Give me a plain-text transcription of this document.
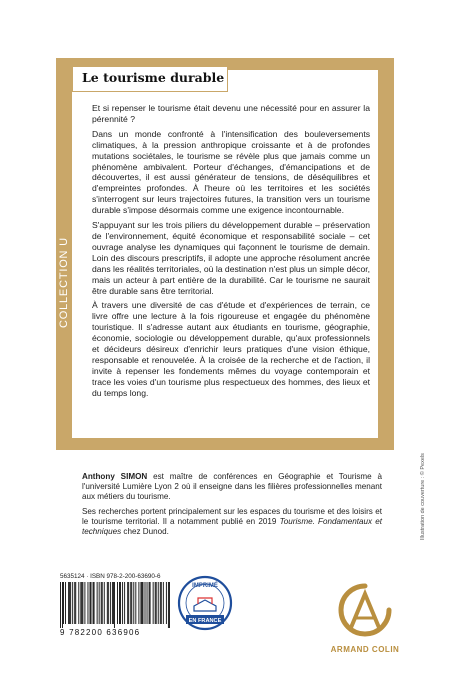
COLLECTION U
Le tourisme durable

Et si repenser le tourisme était devenu une nécessité pour en assurer la pérennité ?

Dans un monde confronté à l'intensification des bouleversements climatiques, à la pression anthropique croissante et à de profondes mutations sociétales, le tourisme se révèle plus que jamais comme un phénomène ambivalent. Porteur d'échanges, d'émancipations et de découvertes, il est aussi générateur de tensions, de déséquilibres et d'empreintes profondes. À l'heure où les territoires et les sociétés s'interrogent sur leurs trajectoires futures, la transition vers un tourisme durable s'impose désormais comme une exigence incontournable.

S'appuyant sur les trois piliers du développement durable – préservation de l'environnement, équité économique et responsabilité sociale – cet ouvrage analyse les dynamiques qui façonnent le tourisme de demain. Loin des discours prescriptifs, il adopte une approche résolument ancrée dans les réalités territoriales, où la destination n'est plus un simple décor, mais un acteur à part entière de la durabilité. Car le tourisme ne saurait être durable sans être territorial.

À travers une diversité de cas d'étude et d'expériences de terrain, ce livre offre une lecture à la fois rigoureuse et engagée du phénomène touristique. Il s'adresse autant aux étudiants en tourisme, géographie, économie, sociologie ou développement durable, qu'aux professionnels et décideurs désireux d'enrichir leurs pratiques d'une vision éthique, responsable et renouvelée. À la croisée de la recherche et de l'action, il invite à repenser les fondements mêmes du voyage contemporain et trace les voies d'un tourisme plus respectueux des hommes, des lieux et du temps long.

Anthony SIMON est maître de conférences en Géographie et Tourisme à l'université Lumière Lyon 2 où il enseigne dans les filières professionnelles menant aux métiers du tourisme.

Ses recherches portent principalement sur les espaces du tourisme et des loisirs et le tourisme territorial. Il a notamment publié en 2019 Tourisme. Fondamentaux et techniques chez Dunod.

5635124 · ISBN 978-2-200-63690-6
9 782200 636906
IMPRIMÉ
EN FRANCE
ARMAND COLIN
Illustration de couverture : © Pexels
